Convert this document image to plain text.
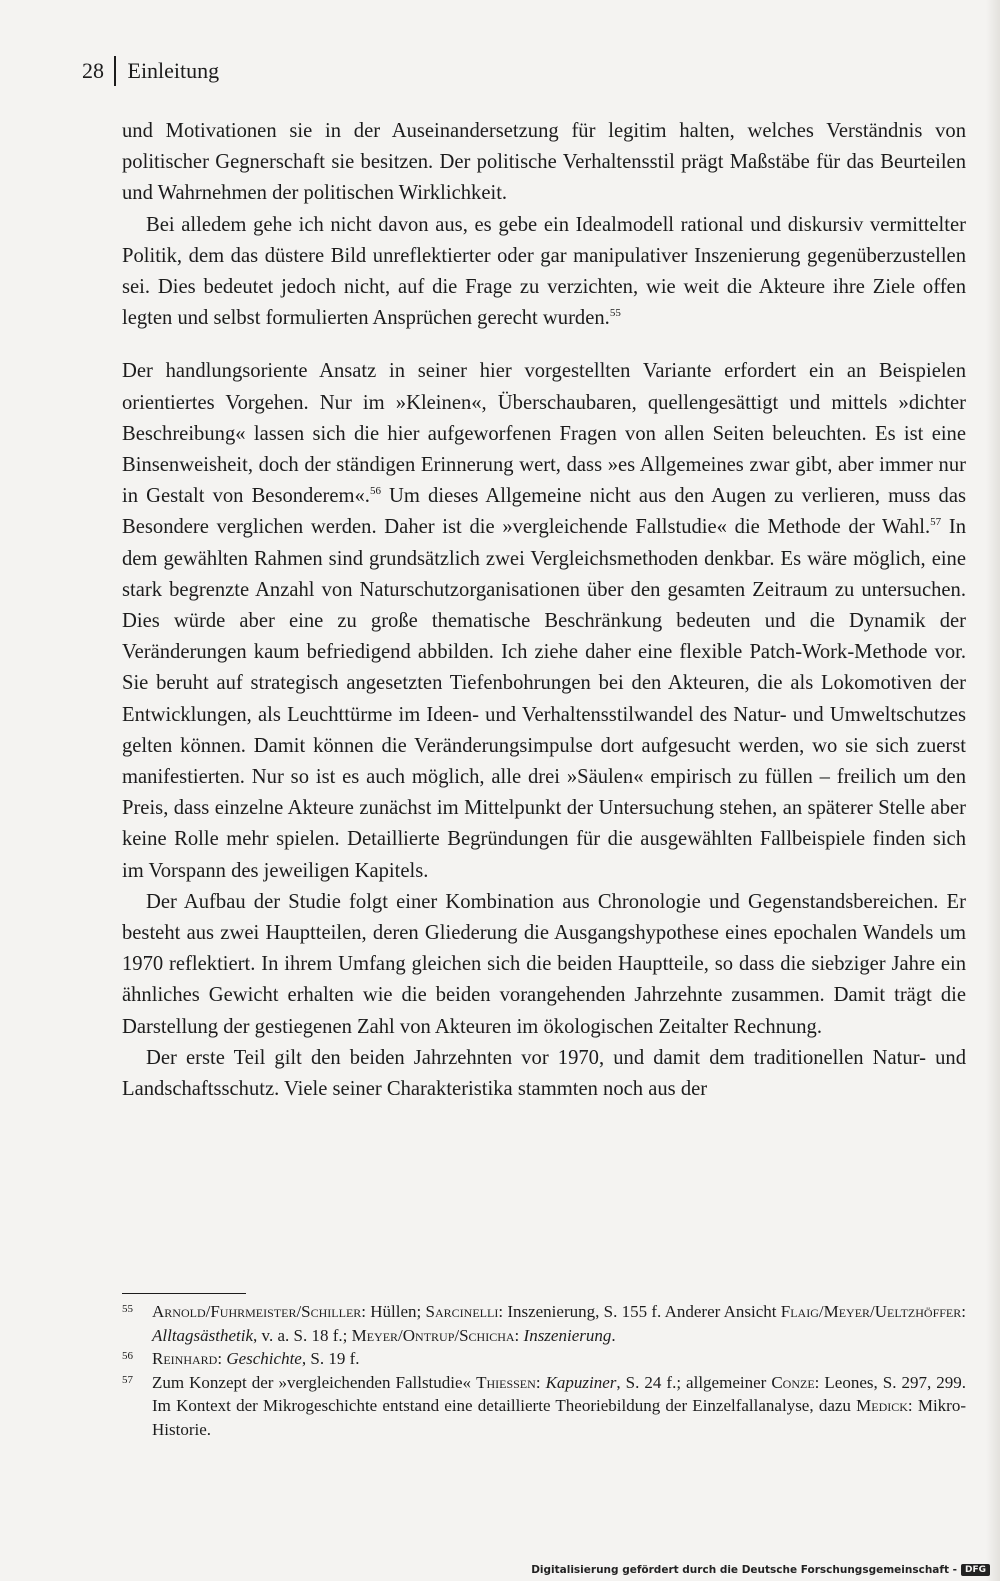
28 Einleitung

und Motivationen sie in der Auseinandersetzung für legitim halten, welches Verständnis von politischer Gegnerschaft sie besitzen. Der politische Verhaltensstil prägt Maßstäbe für das Beurteilen und Wahrnehmen der politischen Wirklichkeit.

Bei alledem gehe ich nicht davon aus, es gebe ein Idealmodell rational und diskursiv vermittelter Politik, dem das düstere Bild unreflektierter oder gar manipulativer Inszenierung gegenüberzustellen sei. Dies bedeutet jedoch nicht, auf die Frage zu verzichten, wie weit die Akteure ihre Ziele offen legten und selbst formulierten Ansprüchen gerecht wurden.$^{55}$

Der handlungsoriente Ansatz in seiner hier vorgestellten Variante erfordert ein an Beispielen orientiertes Vorgehen. Nur im »Kleinen«, Überschaubaren, quellengesättigt und mittels »dichter Beschreibung« lassen sich die hier aufgeworfenen Fragen von allen Seiten beleuchten. Es ist eine Binsenweisheit, doch der ständigen Erinnerung wert, dass »es Allgemeines zwar gibt, aber immer nur in Gestalt von Besonderem«.$^{56}$ Um dieses Allgemeine nicht aus den Augen zu verlieren, muss das Besondere verglichen werden. Daher ist die »vergleichende Fallstudie« die Methode der Wahl.$^{57}$ In dem gewählten Rahmen sind grundsätzlich zwei Vergleichsmethoden denkbar. Es wäre möglich, eine stark begrenzte Anzahl von Naturschutzorganisationen über den gesamten Zeitraum zu untersuchen. Dies würde aber eine zu große thematische Beschränkung bedeuten und die Dynamik der Veränderungen kaum befriedigend abbilden. Ich ziehe daher eine flexible Patch-Work-Methode vor. Sie beruht auf strategisch angesetzten Tiefenbohrungen bei den Akteuren, die als Lokomotiven der Entwicklungen, als Leuchttürme im Ideen- und Verhaltensstilwandel des Natur- und Umweltschutzes gelten können. Damit können die Veränderungsimpulse dort aufgesucht werden, wo sie sich zuerst manifestierten. Nur so ist es auch möglich, alle drei »Säulen« empirisch zu füllen – freilich um den Preis, dass einzelne Akteure zunächst im Mittelpunkt der Untersuchung stehen, an späterer Stelle aber keine Rolle mehr spielen. Detaillierte Begründungen für die ausgewählten Fallbeispiele finden sich im Vorspann des jeweiligen Kapitels.

Der Aufbau der Studie folgt einer Kombination aus Chronologie und Gegenstandsbereichen. Er besteht aus zwei Hauptteilen, deren Gliederung die Ausgangshypothese eines epochalen Wandels um 1970 reflektiert. In ihrem Umfang gleichen sich die beiden Hauptteile, so dass die siebziger Jahre ein ähnliches Gewicht erhalten wie die beiden vorangehenden Jahrzehnte zusammen. Damit trägt die Darstellung der gestiegenen Zahl von Akteuren im ökologischen Zeitalter Rechnung.

Der erste Teil gilt den beiden Jahrzehnten vor 1970, und damit dem traditionellen Natur- und Landschaftsschutz. Viele seiner Charakteristika stammten noch aus der

55	Arnold/Fuhrmeister/Schiller: Hüllen; Sarcinelli: Inszenierung, S. 155 f. Anderer Ansicht Flaig/Meyer/Ueltzhöffer: Alltagsästhetik, v. a. S. 18 f.; Meyer/Ontrup/Schicha: Inszenierung.
56	Reinhard: Geschichte, S. 19 f.
57	Zum Konzept der »vergleichenden Fallstudie« Thiessen: Kapuziner, S. 24 f.; allgemeiner Conze: Leones, S. 297, 299. Im Kontext der Mikrogeschichte entstand eine detaillierte Theoriebildung der Einzelfallanalyse, dazu Medick: Mikro-Historie.
Digitalisierung gefördert durch die Deutsche Forschungsgemeinschaft - DFG
